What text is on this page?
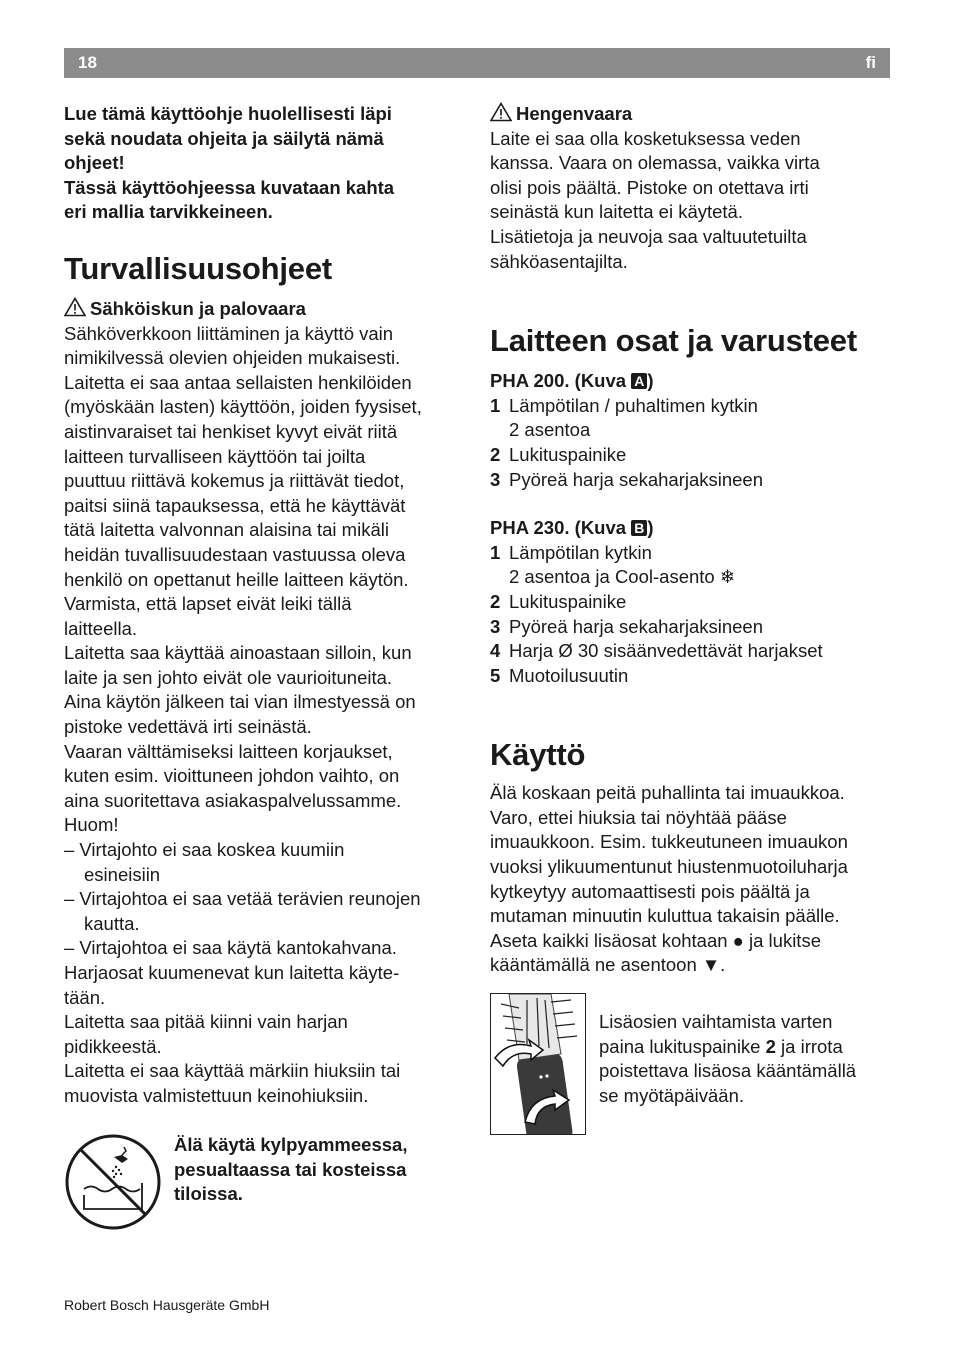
18	fi

Lue tämä käyttöohje huolellisesti läpi

sekä noudata ohjeita ja säilytä nämä

ohjeet!

Tässä käyttöohjeessa kuvataan kahta

eri mallia tarvikkeineen.

Turvallisuusohjeet
Sähköiskun ja palovaara

Sähköverkkoon liittäminen ja käyttö vain

nimikilvessä olevien ohjeiden mukaisesti.

Laitetta ei saa antaa sellaisten henkilöiden

(myöskään lasten) käyttöön, joiden fyysiset,

aistinvaraiset tai henkiset kyvyt eivät riitä

laitteen turvalliseen käyttöön tai joilta

puuttuu riittävä kokemus ja riittävät tiedot,

paitsi siinä tapauksessa, että he käyttävät

tätä laitetta valvonnan alaisina tai mikäli

heidän tuvallisuudestaan vastuussa oleva

henkilö on opettanut heille laitteen käytön.

Varmista, että lapset eivät leiki tällä

laitteella.

Laitetta saa käyttää ainoastaan silloin, kun

laite ja sen johto eivät ole vaurioituneita.

Aina käytön jälkeen tai vian ilmestyessä on

pistoke vedettävä irti seinästä.

Vaaran välttämiseksi laitteen korjaukset,

kuten esim. vioittuneen johdon vaihto, on

aina suoritettava asiakaspalvelussamme.

Huom!

– Virtajohto ei saa koskea kuumiin

esineisiin

– Virtajohtoa ei saa vetää terävien reunojen

kautta.

– Virtajohtoa ei saa käytä kantokahvana.

Harjaosat kuumenevat kun laitetta käyte-

tään.

Laitetta saa pitää kiinni vain harjan

pidikkeestä.

Laitetta ei saa käyttää märkiin hiuksiin tai

muovista valmistettuun keinohiuksiin.

Älä käytä kylpyammeessa,

pesualtaassa tai kosteissa

tiloissa.

Hengenvaara

Laite ei saa olla kosketuksessa veden

kanssa. Vaara on olemassa, vaikka virta

olisi pois päältä. Pistoke on otettava irti

seinästä kun laitetta ei käytetä.

Lisätietoja ja neuvoja saa valtuutetuilta

sähköasentajilta.

Laitteen osat ja varusteet
PHA 200. (Kuva A )
1 Lämpötilan / puhaltimen kytkin
2 asentoa
2 Lukituspainike
3 Pyöreä harja sekaharjaksineen
PHA 230. (Kuva B )
1 Lämpötilan kytkin
2 asentoa ja Cool-asento ❄
2 Lukituspainike
3 Pyöreä harja sekaharjaksineen
4 Harja Ø 30 sisäänvedettävät harjakset
5 Muotoilusuutin
Käyttö

Älä koskaan peitä puhallinta tai imuaukkoa.

Varo, ettei hiuksia tai nöyhtää pääse

imuaukkoon. Esim. tukkeutuneen imuaukon

vuoksi ylikuumentunut hiustenmuotoiluharja

kytkeytyy automaattisesti pois päältä ja

mutaman minuutin kuluttua takaisin päälle.

Aseta kaikki lisäosat kohtaan ● ja lukitse

kääntämällä ne asentoon ▼.

Lisäosien vaihtamista varten

paina lukituspainike 2 ja irrota

poistettava lisäosa kääntämällä

se myötäpäivään.

Robert Bosch Hausgeräte GmbH
